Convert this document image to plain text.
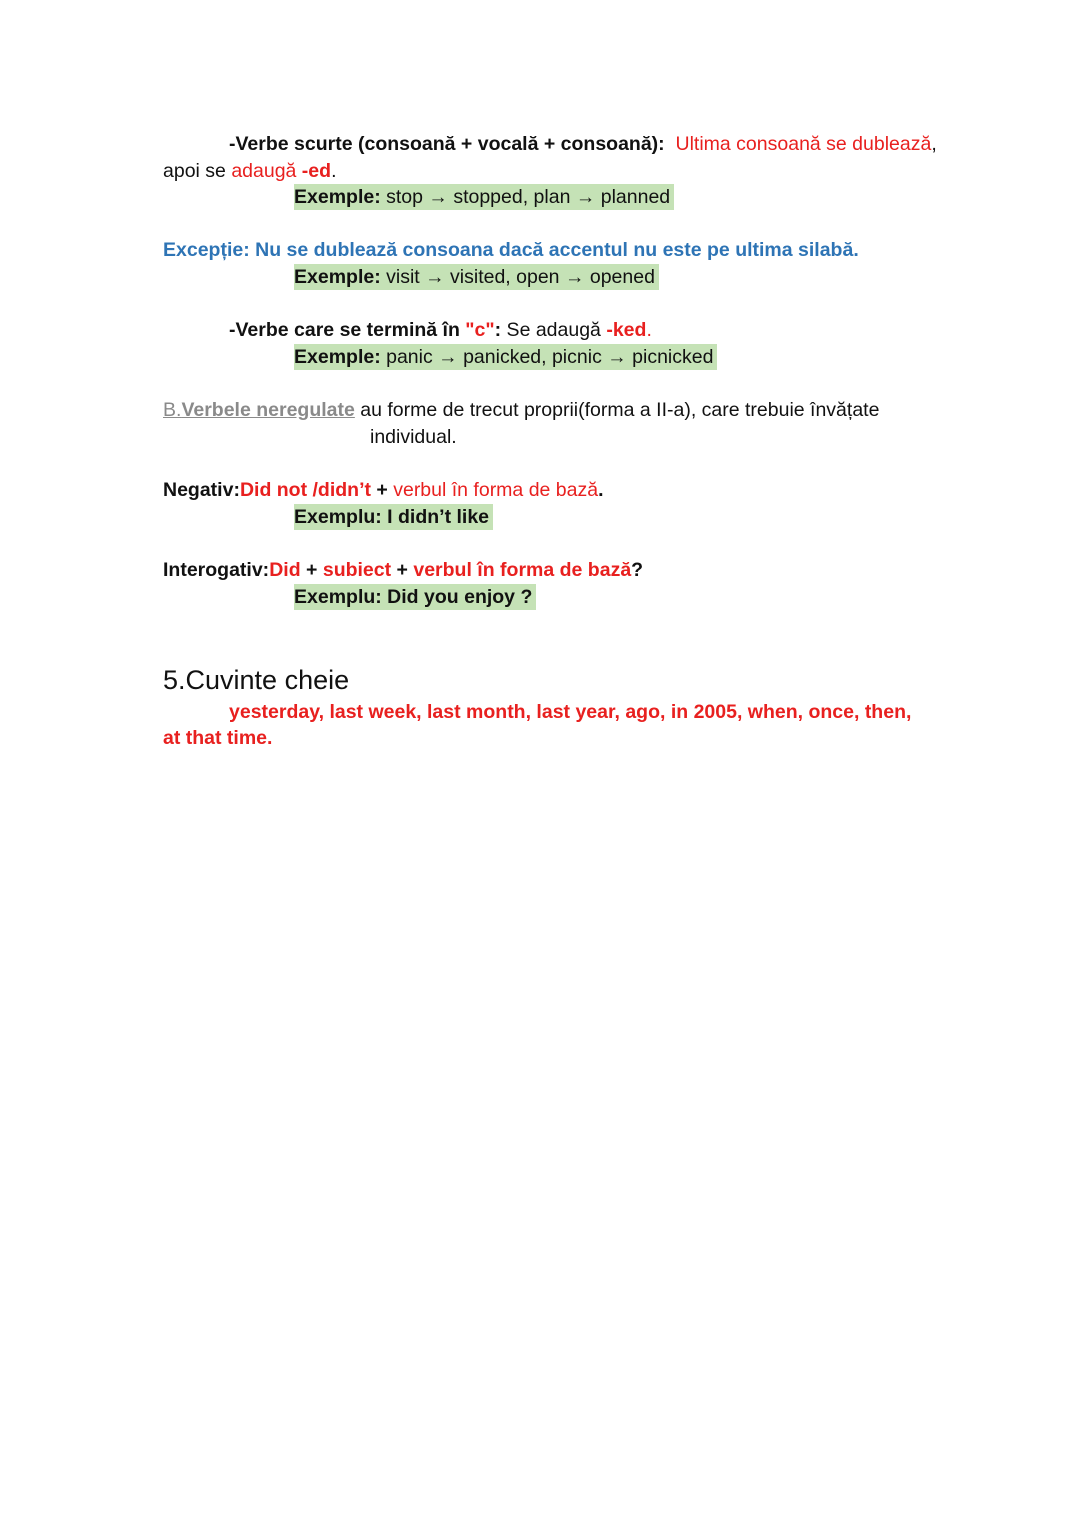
-Verbe scurte (consoană + vocală + consoană): Ultima consoană se dublează,
apoi se adaugă -ed.
Exemple: stop → stopped, plan → planned
Excepție: Nu se dublează consoana dacă accentul nu este pe ultima silabă.
Exemple: visit → visited, open → opened
-Verbe care se termină în "c": Se adaugă -ked.
Exemple: panic → panicked, picnic → picnicked
B.Verbele neregulate au forme de trecut proprii(forma a II-a), care trebuie învățate
individual.
Negativ:Did not /didn’t + verbul în forma de bază.
Exemplu: I didn’t like
Interogativ:Did + subiect + verbul în forma de bază?
Exemplu: Did you enjoy ?
5.Cuvinte cheie
yesterday, last week, last month, last year, ago, in 2005, when, once, then,
at that time.
